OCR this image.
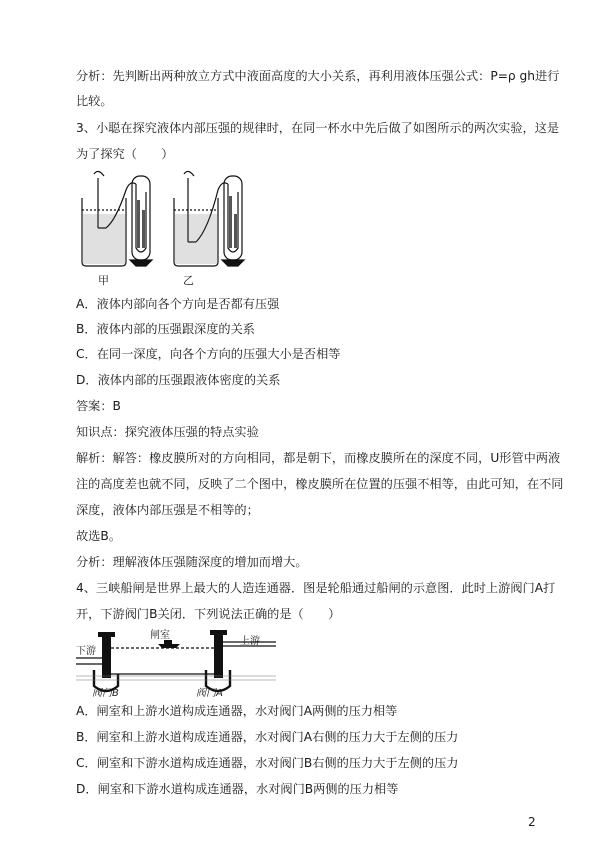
分析：先判断出两种放立方式中液面高度的大小关系，再利用液体压强公式：P=ρ gh进行
比较。
3、小聪在探究液体内部压强的规律时，在同一杯水中先后做了如图所示的两次实验，这是
为了探究（　　）
甲	乙
A．液体内部向各个方向是否都有压强
B．液体内部的压强跟深度的关系
C．在同一深度，向各个方向的压强大小是否相等
D．液体内部的压强跟液体密度的关系
答案：B
知识点：探究液体压强的特点实验
解析：解答：橡皮膜所对的方向相同，都是朝下，而橡皮膜所在的深度不同，U形管中两液
注的高度差也就不同，反映了二个图中，橡皮膜所在位置的压强不相等，由此可知，在不同
深度，液体内部压强是不相等的；
故选B。
分析：理解液体压强随深度的增加而增大。
4、三峡船闸是世界上最大的人造连通器．图是轮船通过船闸的示意图．此时上游阀门A打
开，下游阀门B关闭．下列说法正确的是（　　）
下游
上游
闸室
阀门B	阀门A
A．闸室和上游水道构成连通器，水对阀门A两侧的压力相等
B．闸室和上游水道构成连通器，水对阀门A右侧的压力大于左侧的压力
C．闸室和下游水道构成连通器，水对阀门B右侧的压力大于左侧的压力
D．闸室和下游水道构成连通器，水对阀门B两侧的压力相等
2
